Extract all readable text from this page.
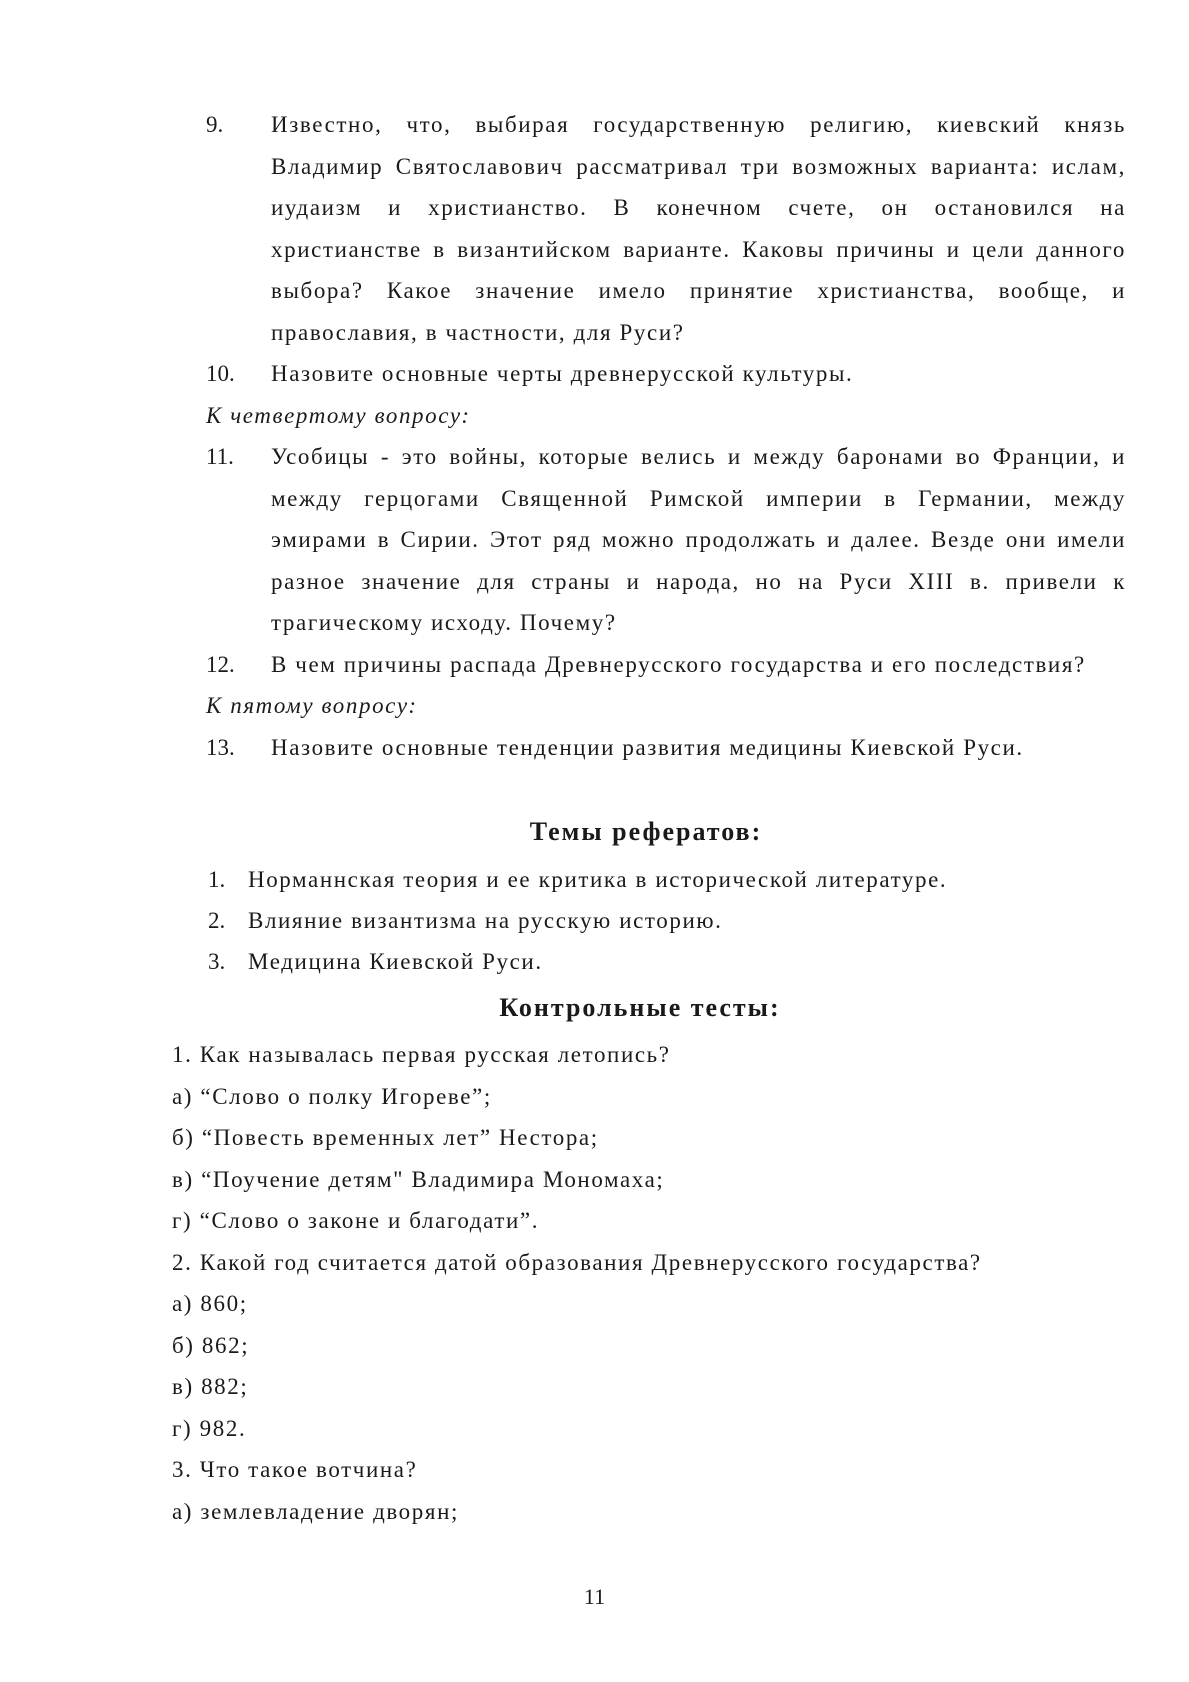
9.	Известно, что, выбирая государственную религию, киевский князь Владимир Святославович рассматривал три возможных варианта: ислам, иудаизм и христианство. В конечном счете, он остановился на христианстве в византийском варианте. Каковы причины и цели данного выбора? Какое значение имело принятие христианства, вообще, и православия, в частности, для Руси?
10.	Назовите основные черты древнерусской культуры.

К четвертому вопросу:

11.	Усобицы - это войны, которые велись и между баронами во Франции, и между герцогами Священной Римской империи в Германии, между эмирами в Сирии. Этот ряд можно продолжать и далее. Везде они имели разное значение для страны и народа, но на Руси XIII в. привели к трагическому исходу. Почему?
12.	В чем причины распада Древнерусского государства и его последствия?

К пятому вопросу:

13.	Назовите основные тенденции развития медицины Киевской Руси.
Темы рефератов:
1. Норманнская теория и ее критика в исторической литературе.
2. Влияние византизма на русскую историю.
3. Медицина Киевской Руси.
Контрольные тесты:

1. Как называлась первая русская летопись?

а) “Слово о полку Игореве”;

б) “Повесть временных лет” Нестора;

в) “Поучение детям" Владимира Мономаха;

г) “Слово о законе и благодати”.

2. Какой год считается датой образования Древнерусского государства?

а) 860;

б) 862;

в) 882;

г) 982.

3. Что такое вотчина?

а) землевладение дворян;

11
